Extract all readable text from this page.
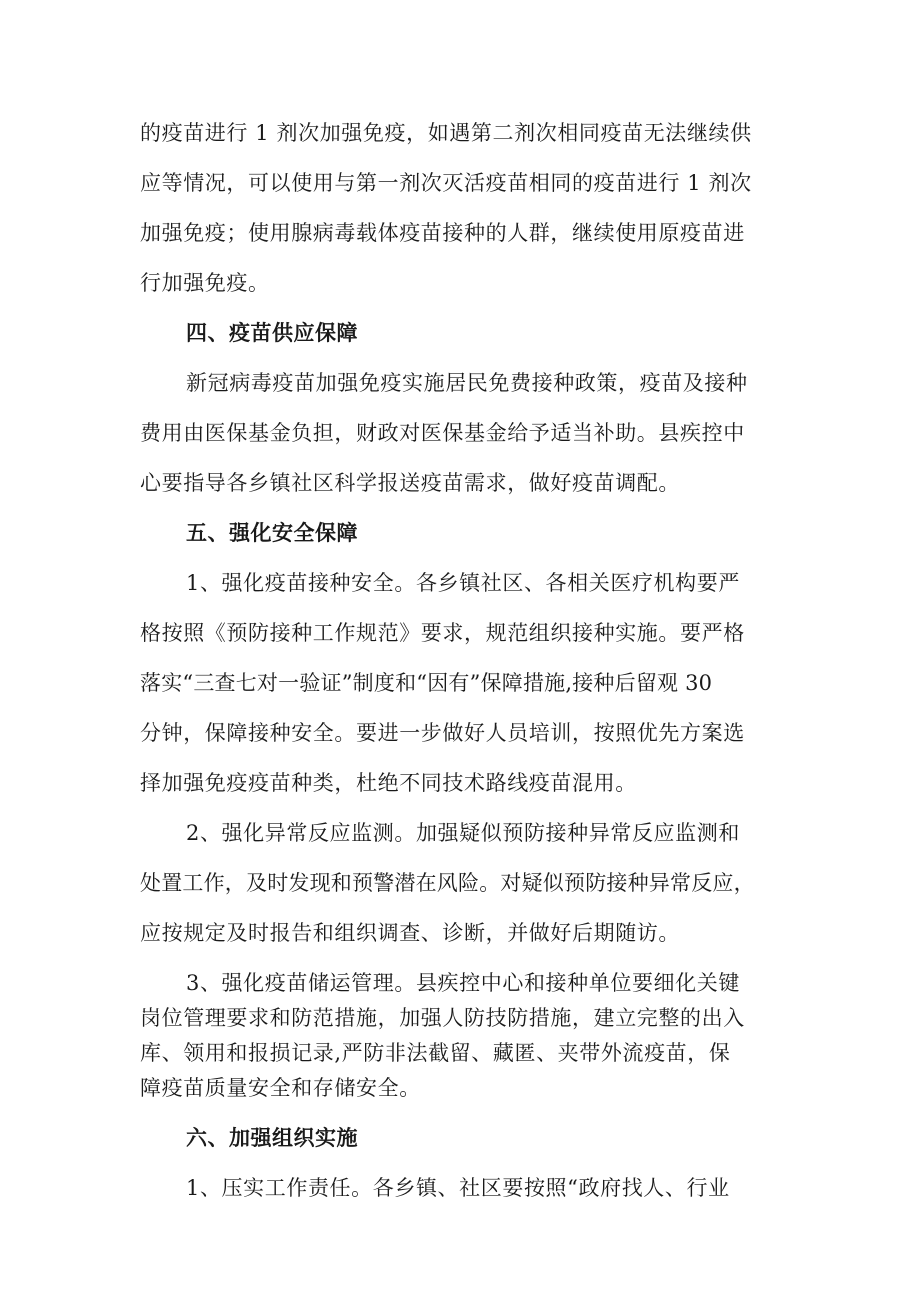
的疫苗进行 1 剂次加强免疫，如遇第二剂次相同疫苗无法继续供
应等情况，可以使用与第一剂次灭活疫苗相同的疫苗进行 1 剂次
加强免疫；使用腺病毒载体疫苗接种的人群，继续使用原疫苗进
行加强免疫。
四、疫苗供应保障
新冠病毒疫苗加强免疫实施居民免费接种政策，疫苗及接种
费用由医保基金负担，财政对医保基金给予适当补助。县疾控中
心要指导各乡镇社区科学报送疫苗需求，做好疫苗调配。
五、强化安全保障
1、强化疫苗接种安全。各乡镇社区、各相关医疗机构要严
格按照《预防接种工作规范》要求，规范组织接种实施。要严格
落实“三查七对一验证”制度和“因有”保障措施,接种后留观 30
分钟，保障接种安全。要进一步做好人员培训，按照优先方案选
择加强免疫疫苗种类，杜绝不同技术路线疫苗混用。
2、强化异常反应监测。加强疑似预防接种异常反应监测和
处置工作，及时发现和预警潜在风险。对疑似预防接种异常反应，
应按规定及时报告和组织调查、诊断，并做好后期随访。
3、强化疫苗储运管理。县疾控中心和接种单位要细化关键
岗位管理要求和防范措施，加强人防技防措施，建立完整的出入
库、领用和报损记录,严防非法截留、藏匿、夹带外流疫苗，保
障疫苗质量安全和存储安全。
六、加强组织实施
1、压实工作责任。各乡镇、社区要按照“政府找人、行业
